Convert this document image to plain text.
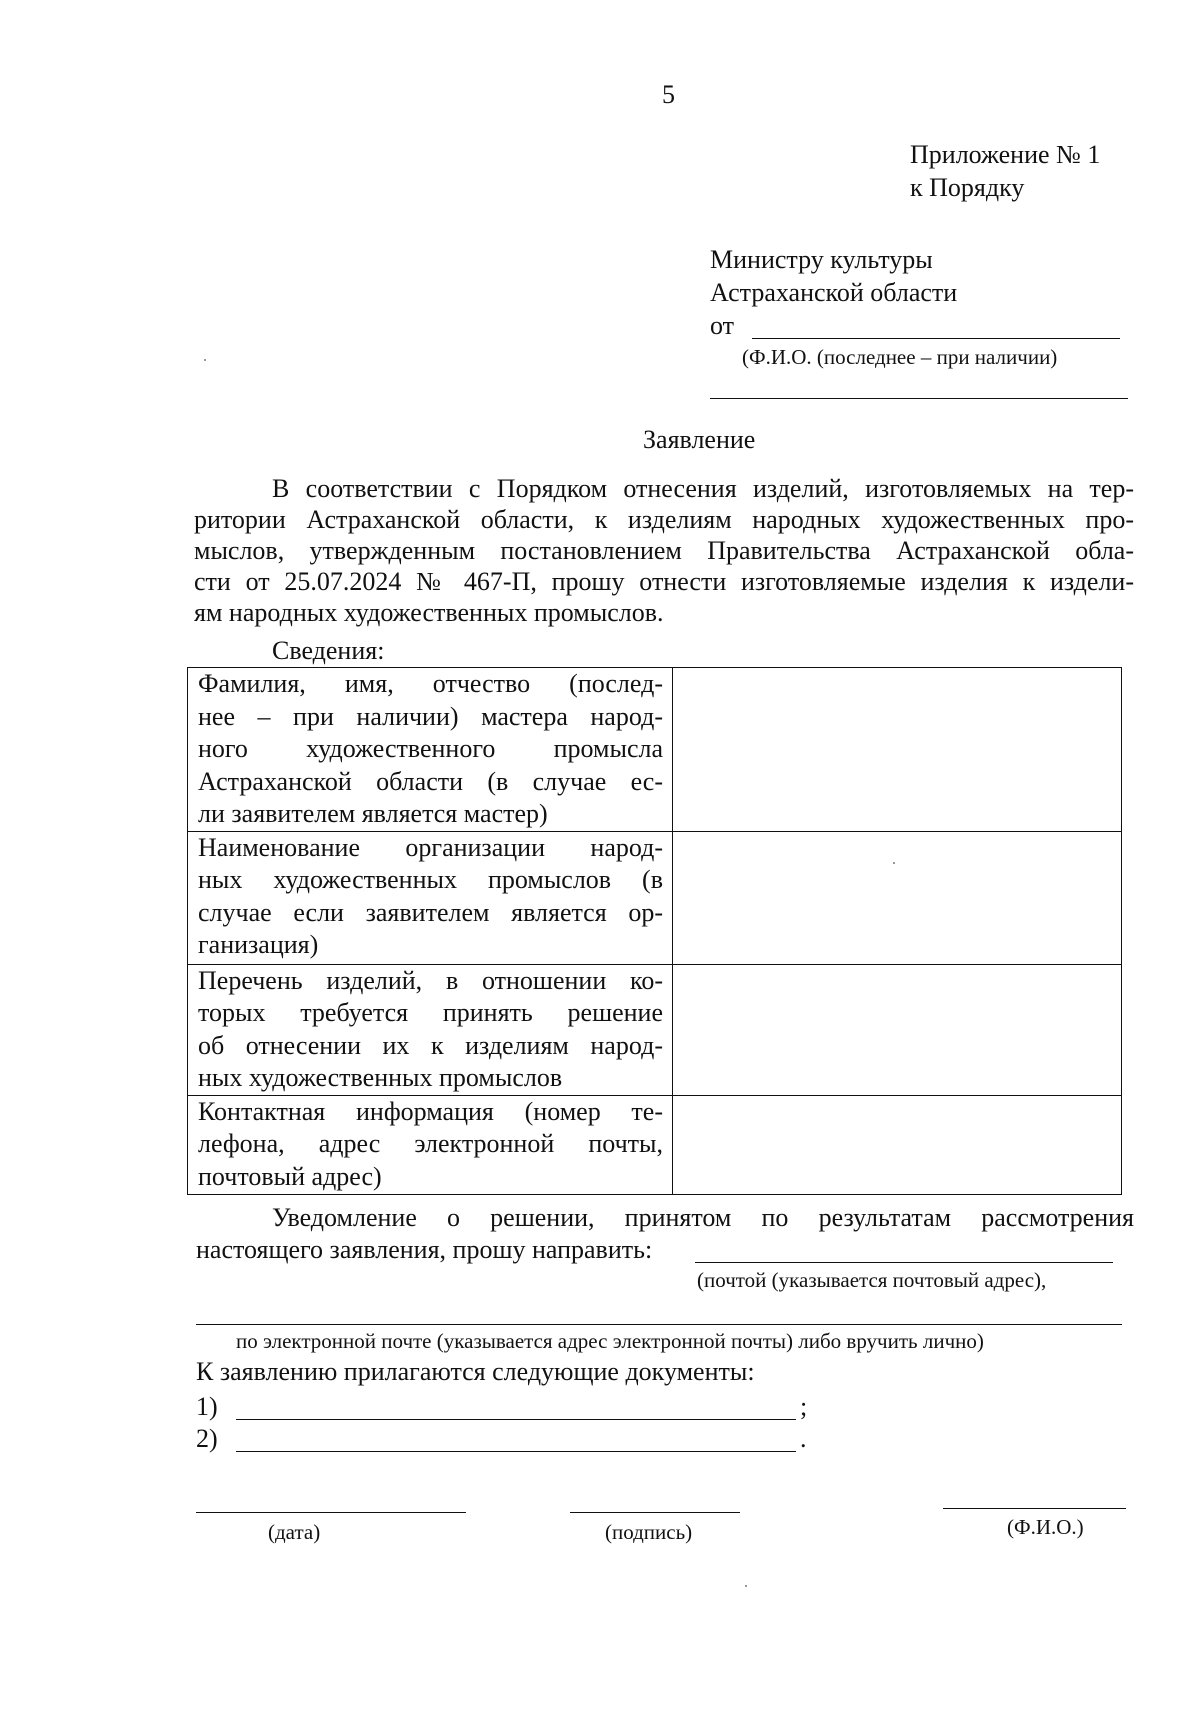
5
Приложение № 1
к Порядку
Министру культуры
Астраханской области
от
(Ф.И.О. (последнее – при наличии)
Заявление
В соответствии с Порядком отнесения изделий, изготовляемых на тер-
ритории Астраханской области, к изделиям народных художественных про-
мыслов, утвержденным постановлением Правительства Астраханской обла-
сти от 25.07.2024 № 467-П, прошу отнести изготовляемые изделия к издели-
ям народных художественных промыслов.
Сведения:
Фамилия, имя, отчество (послед-
нее – при наличии) мастера народ-
ного художественного промысла
Астраханской области (в случае ес-
ли заявителем является мастер)	

Наименование организации народ-
ных художественных промыслов (в
случае если заявителем является ор-
ганизация)	

Перечень изделий, в отношении ко-
торых требуется принять решение
об отнесении их к изделиям народ-
ных художественных промыслов	

Контактная информация (номер те-
лефона, адрес электронной почты,
почтовый адрес)	

Уведомление о решении, принятом по результатам рассмотрения
настоящего заявления, прошу направить:
(почтой (указывается почтовый адрес),
по электронной почте (указывается адрес электронной почты) либо вручить лично)
К заявлению прилагаются следующие документы:
1)	;
2)	.
(дата)	(подпись)	(Ф.И.О.)
